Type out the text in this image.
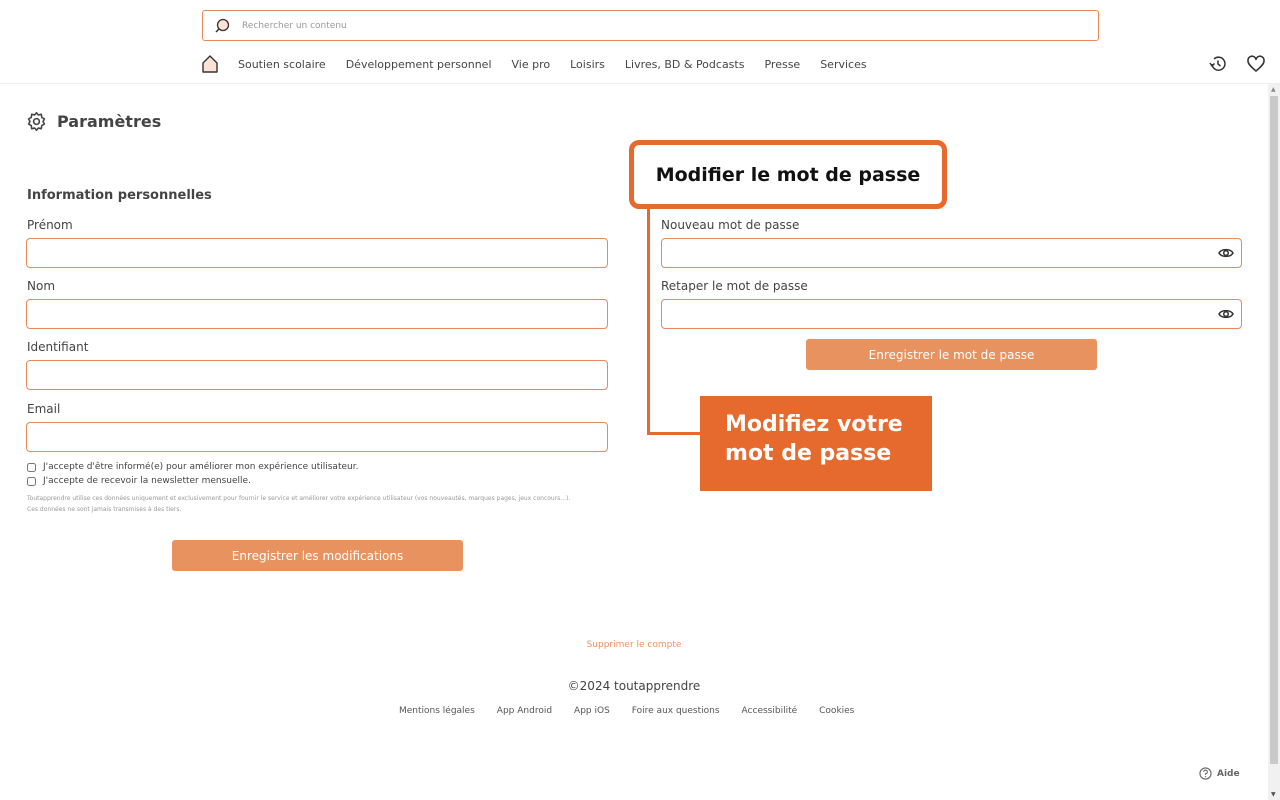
Rechercher un contenu
Soutien scolaire Développement personnel Vie pro Loisirs Livres, BD & Podcasts Presse Services
▲
▼
Paramètres
Information personnelles
Prénom
Nom
Identifiant
Email
J'accepte d'être informé(e) pour améliorer mon expérience utilisateur.
J'accepte de recevoir la newsletter mensuelle.
Toutapprendre utilise ces données uniquement et exclusivement pour fournir le service et améliorer votre expérience utilisateur (vos nouveautés, marques pages, jeux concours...).
Ces données ne sont jamais transmises à des tiers.
Enregistrer les modifications
Nouveau mot de passe
Retaper le mot de passe
Enregistrer le mot de passe
Modifier le mot de passe
Modifiez votre
mot de passe
Supprimer le compte
©2024 toutapprendre
Mentions légales App Android App iOS Foire aux questions Accessibilité Cookies
Aide
